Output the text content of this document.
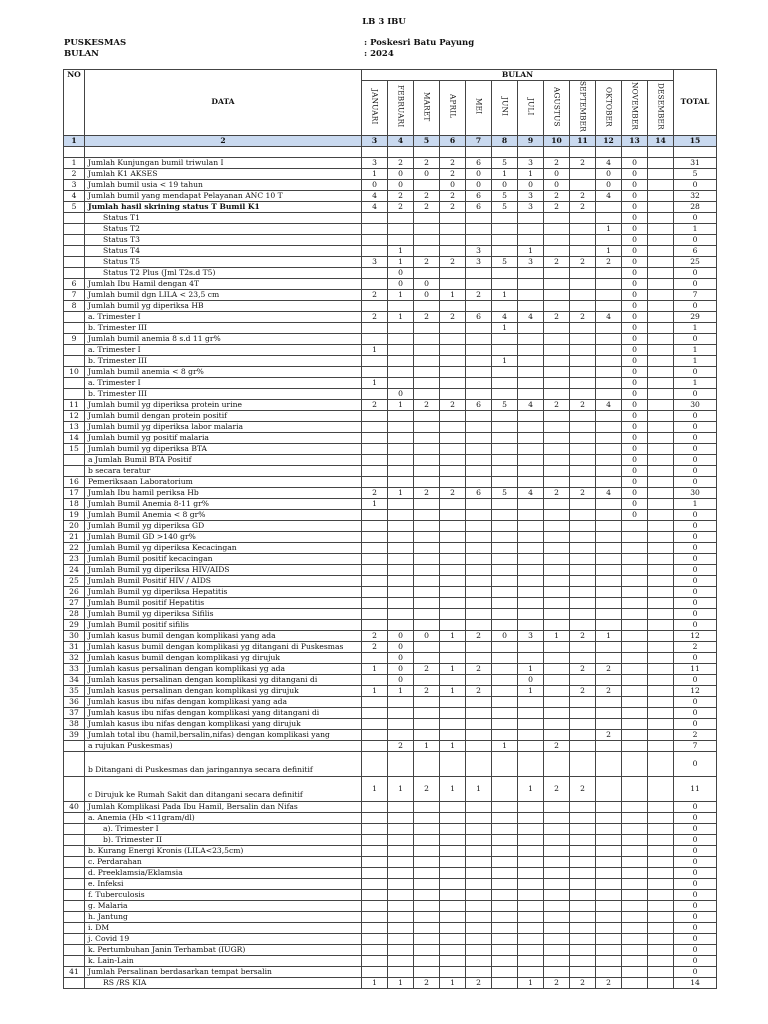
LB 3 IBU
PUSKESMAS	: Poskesri Batu Payung
BULAN	: 2024
NO	DATA	BULAN												TOTAL
		JANUARI	FEBRUARI	MARET	APRIL	MEI	JUNI	JULI	AGUSTUS	SEPTEMBER	OKTOBER	NOVEMBER	DESEMBER	
1	2	3	4	5	6	7	8	9	10	11	12	13	14	15

1	Jumlah Kunjungan bumil triwulan I	3	2	2	2	6	5	3	2	2	4	0		31
2	Jumlah K1 AKSES	1	0	0	2	0	1	1	0		0	0		5
3	Jumlah bumil usia < 19 tahun	0	0		0	0	0	0	0		0	0		0
4	Jumlah bumil yang mendapat Pelayanan ANC 10 T	4	2	2	2	6	5	3	2	2	4	0		32
5	Jumlah hasil skrining status T Bumil K1	4	2	2	2	6	5	3	2	2		0		28
	Status T1											0		0
	Status T2										1	0		1
	Status T3											0		0
	Status T4		1			3		1			1	0		6
	Status T5	3	1	2	2	3	5	3	2	2	2	0		25
	Status T2 Plus (Jml T2s.d T5)		0									0		0
6	Jumlah Ibu Hamil dengan 4T		0	0								0		0
7	Jumlah bumil dgn LILA < 23,5 cm	2	1	0	1	2	1					0		7
8	Jumlah bumil yg diperiksa HB											0		0
	a. Trimester I	2	1	2	2	6	4	4	2	2	4	0		29
	b. Trimester III						1					0		1
9	Jumlah bumil anemia 8 s.d 11 gr%											0		0
	a. Trimester I	1										0		1
	b. Trimester III						1					0		1
10	Jumlah bumil anemia < 8 gr%											0		0
	a. Trimester I	1										0		1
	b. Trimester III		0									0		0
11	Jumlah bumil yg diperiksa protein urine	2	1	2	2	6	5	4	2	2	4	0		30
12	Jumlah bumil dengan protein positif											0		0
13	Jumlah bumil yg diperiksa labor malaria											0		0
14	Jumlah bumil yg positif malaria											0		0
15	Jumlah bumil yg diperiksa BTA											0		0
	a Jumlah Bumil BTA Positif											0		0
	b secara teratur											0		0
16	Pemeriksaan Laboratorium											0		0
17	Jumlah Ibu hamil periksa Hb	2	1	2	2	6	5	4	2	2	4	0		30
18	Jumlah Bumil Anemia 8-11 gr%	1										0		1
19	Jumlah Bumil Anemia < 8 gr%											0		0
20	Jumlah Bumil yg diperiksa GD													0
21	Jumlah Bumil GD >140 gr%													0
22	Jumlah Bumil yg diperiksa Kecacingan													0
23	Jumlah Bumil positif kecacingan													0
24	Jumlah Bumil yg diperiksa HIV/AIDS													0
25	Jumlah Bumil Positif HIV / AIDS													0
26	Jumlah Bumil yg diperiksa Hepatitis													0
27	Jumlah Bumil positif Hepatitis													0
28	Jumlah Bumil yg diperiksa Sifilis													0
29	Jumlah Bumil positif sifilis													0
30	Jumlah kasus bumil dengan komplikasi yang ada	2	0	0	1	2	0	3	1	2	1			12
31	Jumlah kasus bumil dengan komplikasi yg ditangani di Puskesmas	2	0											2
32	Jumlah kasus bumil dengan komplikasi yg dirujuk		0											0
33	Jumlah kasus persalinan dengan komplikasi yg ada	1	0	2	1	2		1		2	2			11
34	Jumlah kasus persalinan dengan komplikasi yg ditangani di		0					0						0
35	Jumlah kasus persalinan dengan komplikasi yg dirujuk	1	1	2	1	2		1		2	2			12
36	Jumlah kasus ibu nifas dengan komplikasi yang ada													0
37	Jumlah kasus ibu nifas dengan komplikasi yang ditangani di													0
38	Jumlah kasus ibu nifas dengan komplikasi yang dirujuk													0
39	Jumlah total ibu (hamil,bersalin,nifas) dengan komplikasi yang										2			2
	a rujukan Puskesmas)		2	1	1		1		2					7
	b Ditangani di Puskesmas dan jaringannya secara definitif													0
	c Dirujuk ke Rumah Sakit dan ditangani secara definitif	1	1	2	1	1		1	2	2				11
40	Jumlah Komplikasi Pada Ibu Hamil, Bersalin dan Nifas													0
	a. Anemia (Hb <11gram/dl)													0
	a). Trimester I													0
	b). Trimester II													0
	b. Kurang Energi Kronis (LILA<23,5cm)													0
	c. Perdarahan													0
	d. Preeklamsia/Eklamsia													0
	e. Infeksi													0
	f. Tuberculosis													0
	g. Malaria													0
	h. Jantung													0
	i. DM													0
	j. Covid 19													0
	k. Pertumbuhan Janin Terhambat (IUGR)													0
	k. Lain-Lain													0
41	Jumlah Persalinan berdasarkan tempat bersalin													0
	RS /RS KIA	1	1	2	1	2		1	2	2	2			14
